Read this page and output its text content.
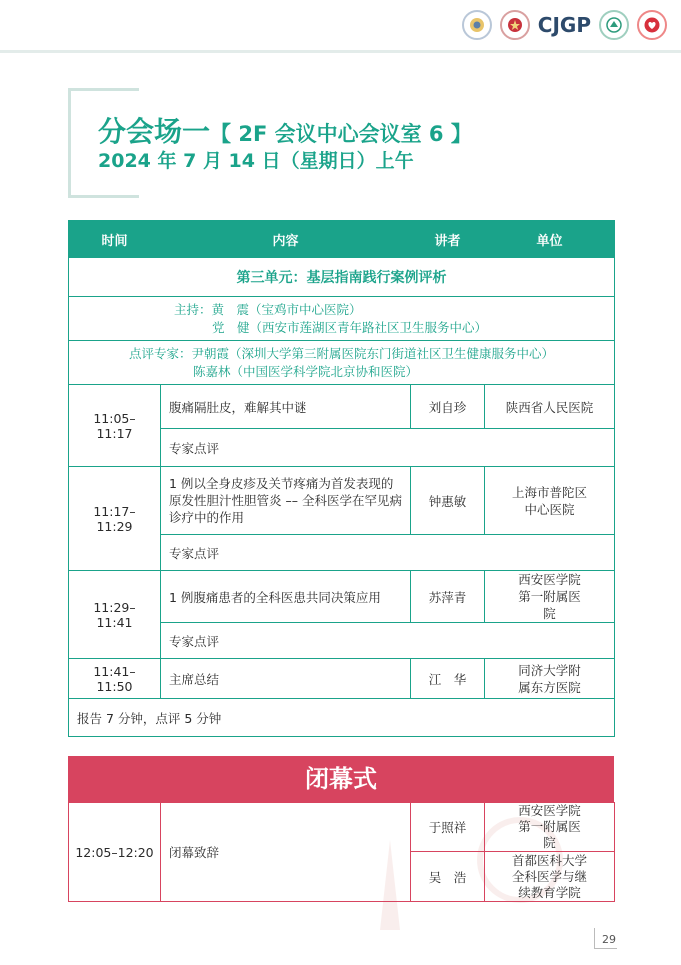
CJGP
分会场一【 2F 会议中心会议室 6 】
2024 年 7 月 14 日（星期日）上午
时间	内容	讲者	单位
第三单元：基层指南践行案例评析			

主持：黄　震（宝鸡市中心医院）
党　健（西安市莲湖区青年路社区卫生服务中心）			

点评专家：尹朝霞（深圳大学第三附属医院东门街道社区卫生健康服务中心）
陈嘉林（中国医学科学院北京协和医院）			

11:05–11:17	腹痛隔肚皮，难解其中谜	刘自珍	陕西省人民医院
	专家点评		
11:17–11:29	1 例以全身皮疹及关节疼痛为首发表现的原发性胆汁性胆管炎 –– 全科医学在罕见病诊疗中的作用	钟惠敏	上海市普陀区中心医院
	专家点评		
11:29–11:41	1 例腹痛患者的全科医患共同决策应用	苏萍青	西安医学院第一附属医院
	专家点评		
11:41–11:50	主席总结	江　华	同济大学附属东方医院
报告 7 分钟，点评 5 分钟			
闭幕式
12:05–12:20	闭幕致辞	于照祥	西安医学院第一附属医院
		吴　浩	首都医科大学全科医学与继续教育学院
29
